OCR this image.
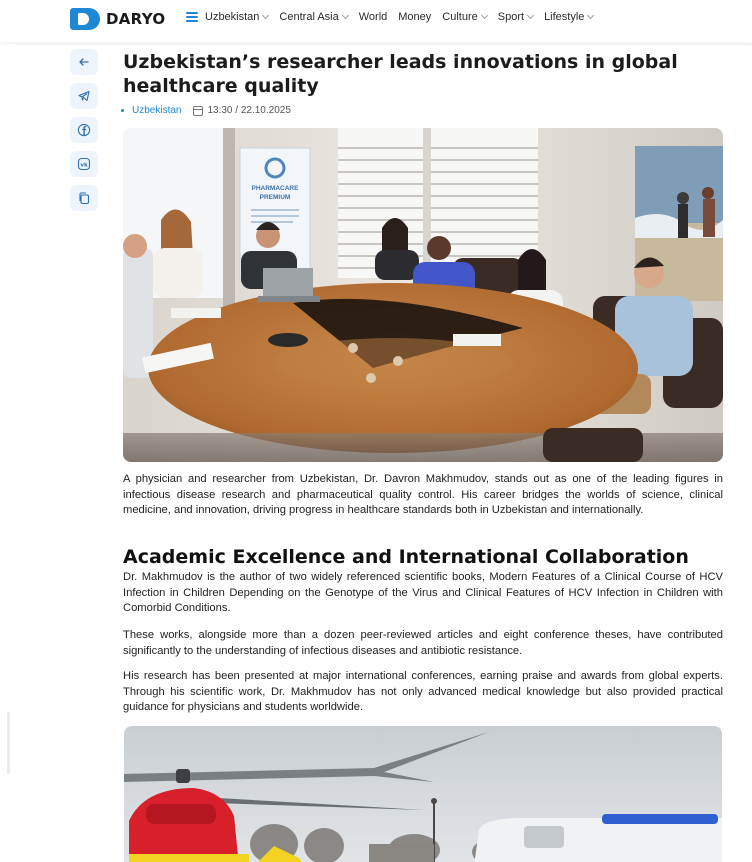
DARYO	Uzbekistan Central Asia World Money Culture Sport Lifestyle
vk
Uzbekistan’s researcher leads innovations in global healthcare quality
Uzbekistan	13:30 / 22.10.2025
PHARMACARE
PREMIUM

A physician and researcher from Uzbekistan, Dr. Davron Makhmudov, stands out as one of the leading figures in infectious disease research and pharmaceutical quality control. His career bridges the worlds of science, clinical medicine, and innovation, driving progress in healthcare standards both in Uzbekistan and internationally.

Academic Excellence and International Collaboration

Dr. Makhmudov is the author of two widely referenced scientific books, Modern Features of a Clinical Course of HCV Infection in Children Depending on the Genotype of the Virus and Clinical Features of HCV Infection in Children with Comorbid Conditions.

These works, alongside more than a dozen peer-reviewed articles and eight conference theses, have contributed significantly to the understanding of infectious diseases and antibiotic resistance.

His research has been presented at major international conferences, earning praise and awards from global experts. Through his scientific work, Dr. Makhmudov has not only advanced medical knowledge but also provided practical guidance for physicians and students worldwide.
